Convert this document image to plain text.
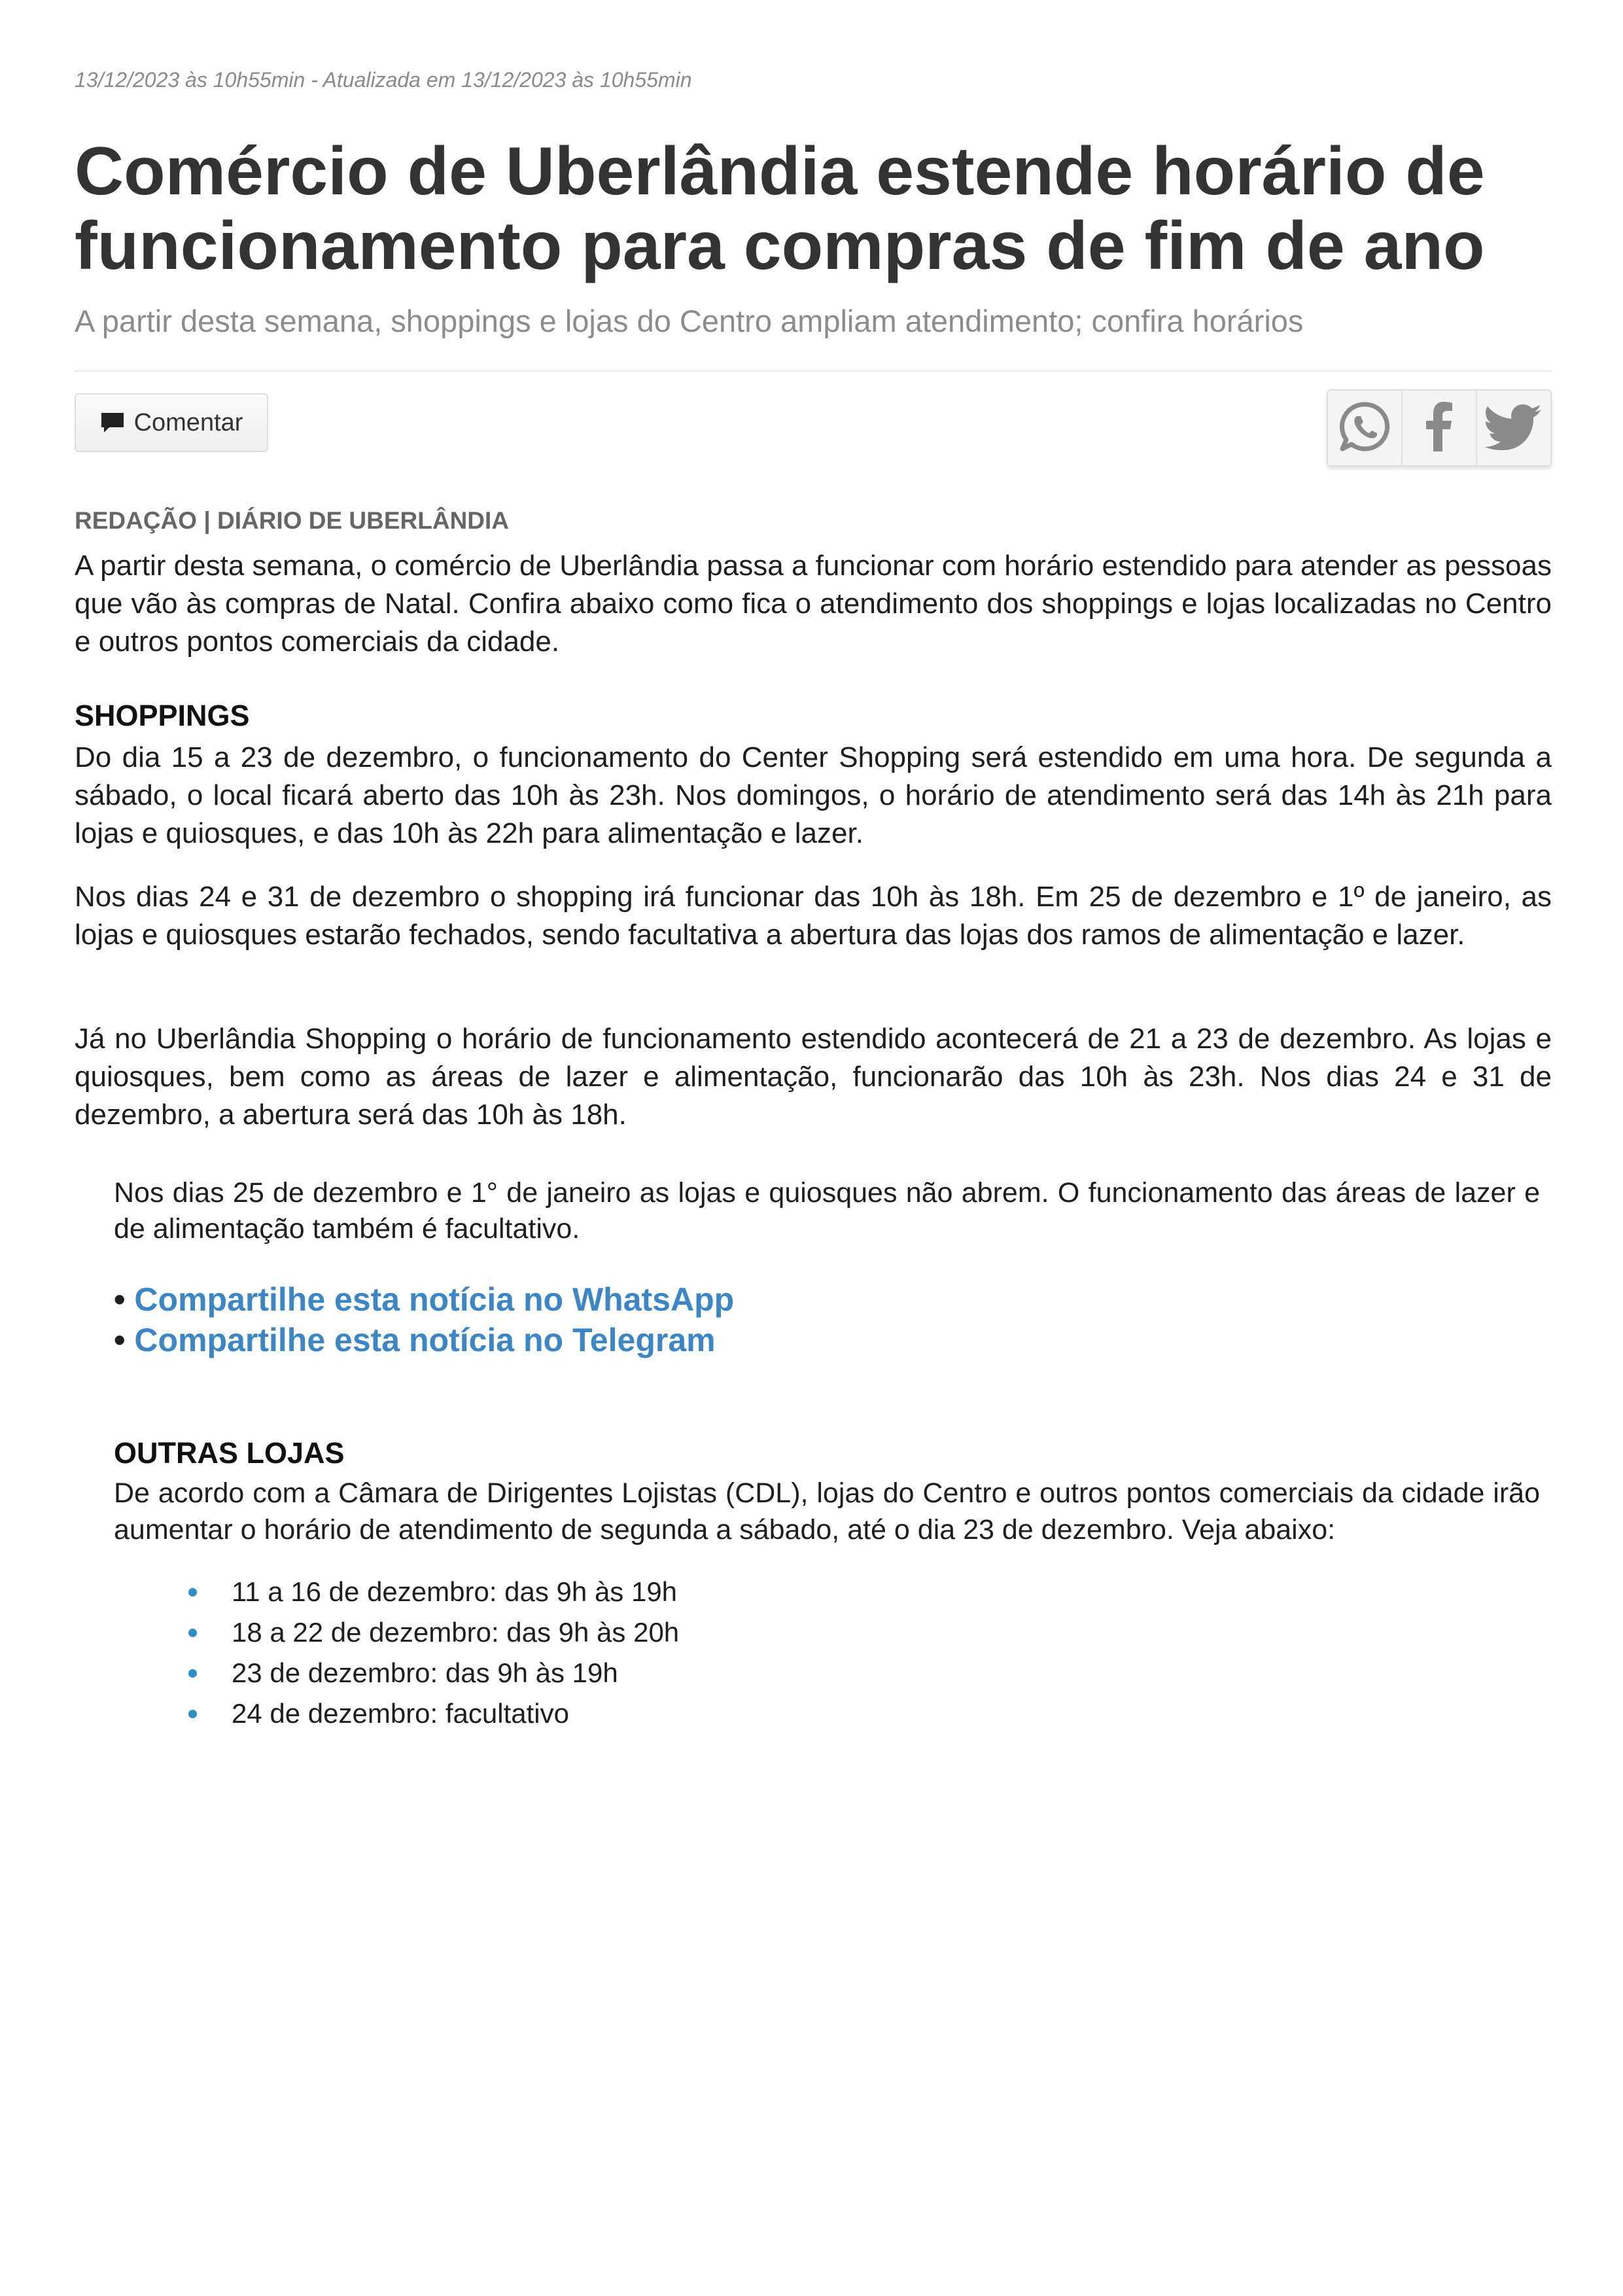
13/12/2023 às 10h55min - Atualizada em 13/12/2023 às 10h55min
Comércio de Uberlândia estende horário de funcionamento para compras de fim de ano
A partir desta semana, shoppings e lojas do Centro ampliam atendimento; confira horários
Comentar
REDAÇÃO | DIÁRIO DE UBERLÂNDIA

A partir desta semana, o comércio de Uberlândia passa a funcionar com horário estendido para atender as pessoas que vão às compras de Natal. Confira abaixo como fica o atendimento dos shoppings e lojas localizadas no Centro e outros pontos comerciais da cidade.

SHOPPINGS

Do dia 15 a 23 de dezembro, o funcionamento do Center Shopping será estendido em uma hora. De segunda a sábado, o local ficará aberto das 10h às 23h. Nos domingos, o horário de atendimento será das 14h às 21h para lojas e quiosques, e das 10h às 22h para alimentação e lazer.

Nos dias 24 e 31 de dezembro o shopping irá funcionar das 10h às 18h. Em 25 de dezembro e 1º de janeiro, as lojas e quiosques estarão fechados, sendo facultativa a abertura das lojas dos ramos de alimentação e lazer.

Já no Uberlândia Shopping o horário de funcionamento estendido acontecerá de 21 a 23 de dezembro. As lojas e quiosques, bem como as áreas de lazer e alimentação, funcionarão das 10h às 23h. Nos dias 24 e 31 de dezembro, a abertura será das 10h às 18h.

Nos dias 25 de dezembro e 1° de janeiro as lojas e quiosques não abrem. O funcionamento das áreas de lazer e de alimentação também é facultativo.

• Compartilhe esta notícia no WhatsApp
• Compartilhe esta notícia no Telegram
OUTRAS LOJAS

De acordo com a Câmara de Dirigentes Lojistas (CDL), lojas do Centro e outros pontos comerciais da cidade irão aumentar o horário de atendimento de segunda a sábado, até o dia 23 de dezembro. Veja abaixo:

11 a 16 de dezembro: das 9h às 19h
18 a 22 de dezembro: das 9h às 20h
23 de dezembro: das 9h às 19h
24 de dezembro: facultativo
